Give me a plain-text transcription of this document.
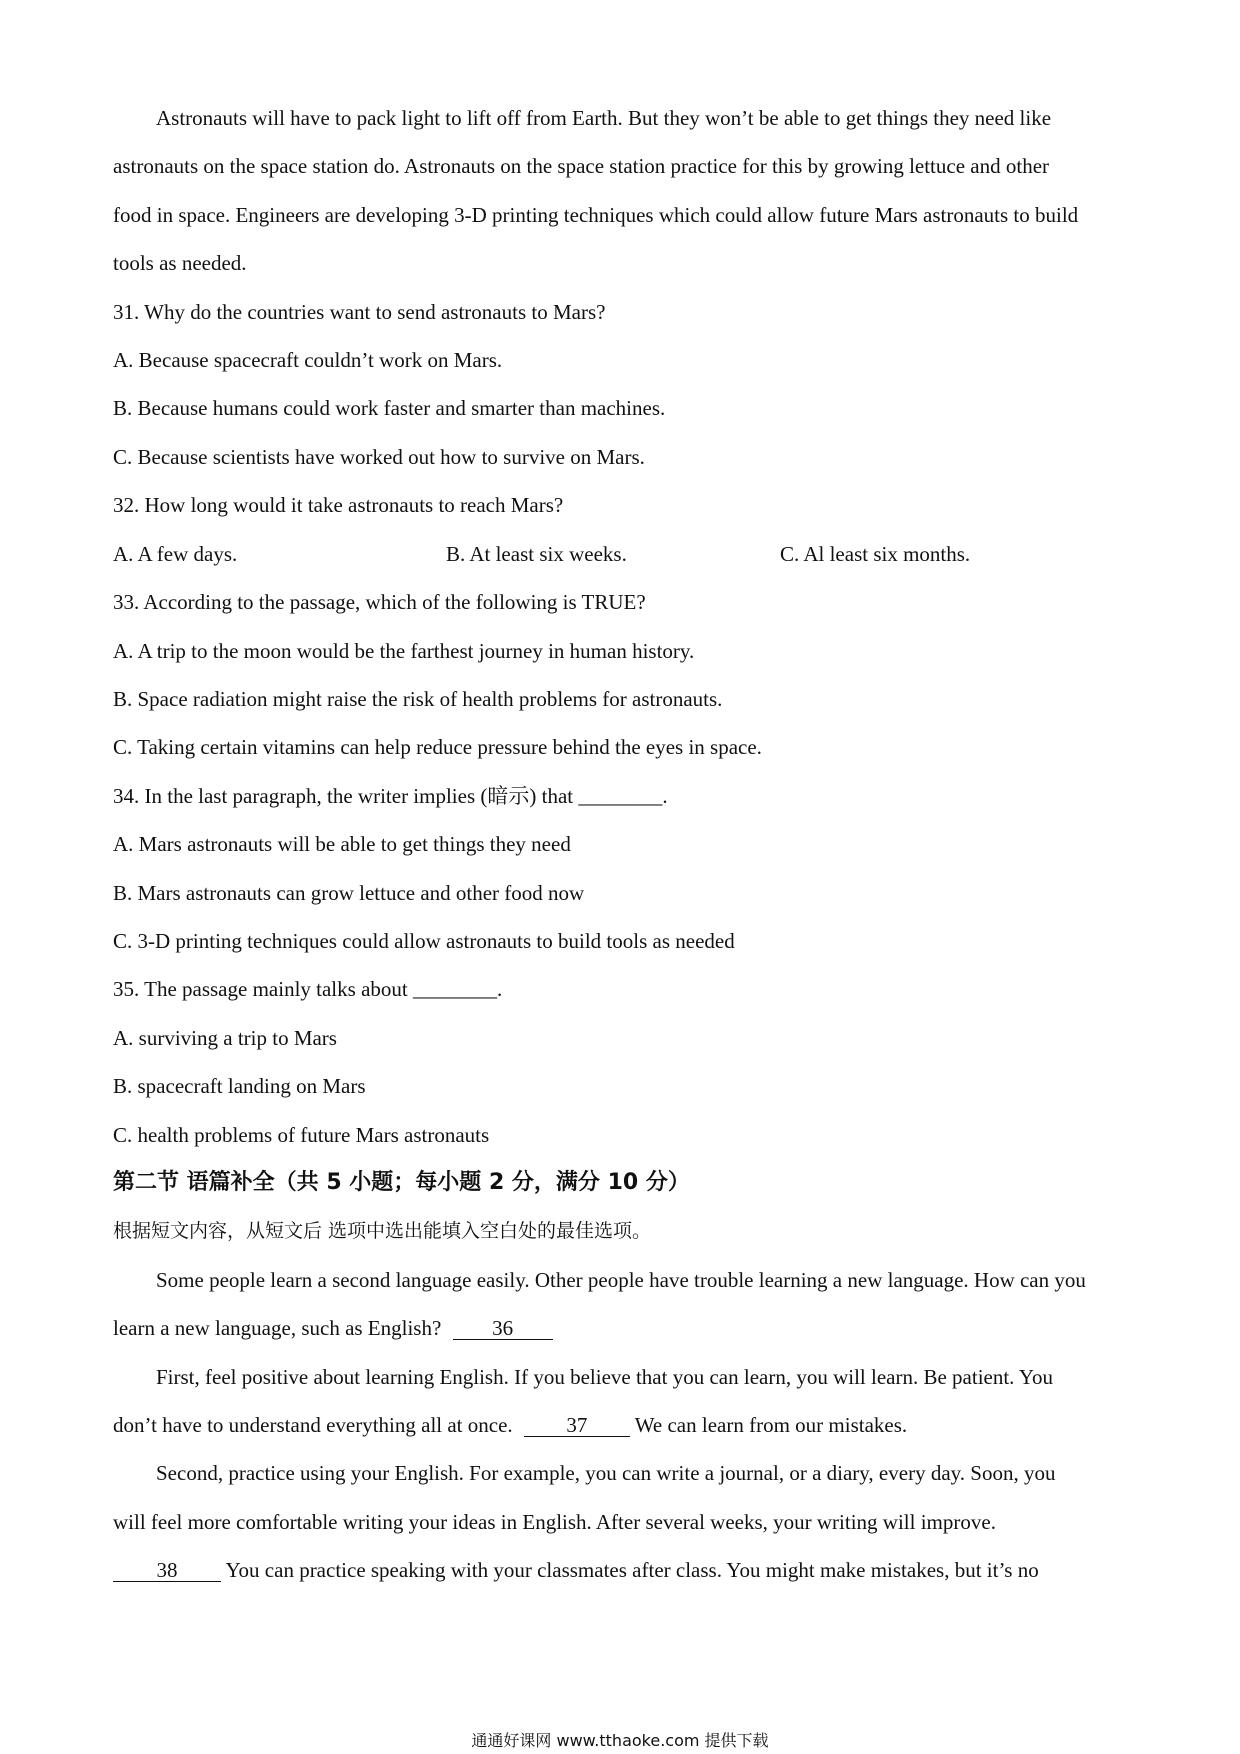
Astronauts will have to pack light to lift off from Earth. But they won’t be able to get things they need like
astronauts on the space station do. Astronauts on the space station practice for this by growing lettuce and other
food in space. Engineers are developing 3-D printing techniques which could allow future Mars astronauts to build
tools as needed.
31. Why do the countries want to send astronauts to Mars?
A. Because spacecraft couldn’t work on Mars.
B. Because humans could work faster and smarter than machines.
C. Because scientists have worked out how to survive on Mars.
32. How long would it take astronauts to reach Mars?
A. A few days.	B. At least six weeks.	C. Al least six months.
33. According to the passage, which of the following is TRUE?
A. A trip to the moon would be the farthest journey in human history.
B. Space radiation might raise the risk of health problems for astronauts.
C. Taking certain vitamins can help reduce pressure behind the eyes in space.
34. In the last paragraph, the writer implies (暗示) that ________.
A. Mars astronauts will be able to get things they need
B. Mars astronauts can grow lettuce and other food now
C. 3-D printing techniques could allow astronauts to build tools as needed
35. The passage mainly talks about ________.
A. surviving a trip to Mars
B. spacecraft landing on Mars
C. health problems of future Mars astronauts
第二节 语篇补全（共 5 小题；每小题 2 分，满分 10 分）
根据短文内容，从短文后 选项中选出能填入空白处的最佳选项。
Some people learn a second language easily. Other people have trouble learning a new language. How can you
learn a new language, such as English? 36
First, feel positive about learning English. If you believe that you can learn, you will learn. Be patient. You
don’t have to understand everything all at once.	37 We can learn from our mistakes.
Second, practice using your English. For example, you can write a journal, or a diary, every day. Soon, you
will feel more comfortable writing your ideas in English. After several weeks, your writing will improve.
38 You can practice speaking with your classmates after class. You might make mistakes, but it’s no
通通好课网 www.tthaoke.com 提供下载
